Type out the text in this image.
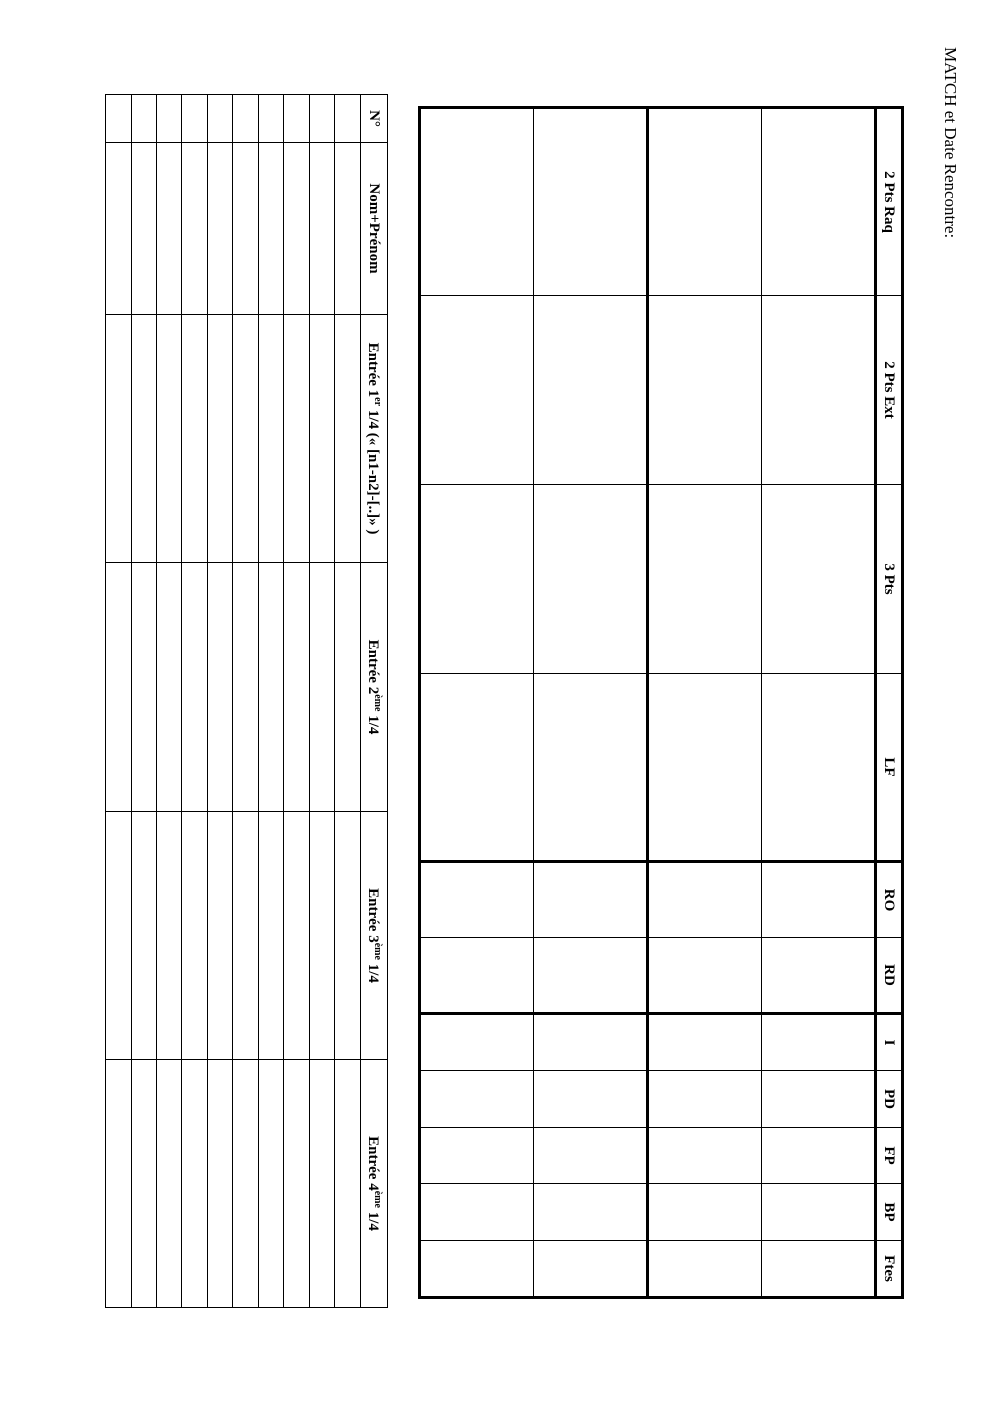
MATCH et Date Rencontre:
2 Pts Raq	2 Pts Ext	3 Pts	LF	RO	RD	I	PD	FP	BP	Ftes

N°	Nom+Prénom	Entrée 1er 1/4 (« [n1-n2]-[..]» )	Entrée 2ème 1/4	Entrée 3ème 1/4	Entrée 4ème 1/4
